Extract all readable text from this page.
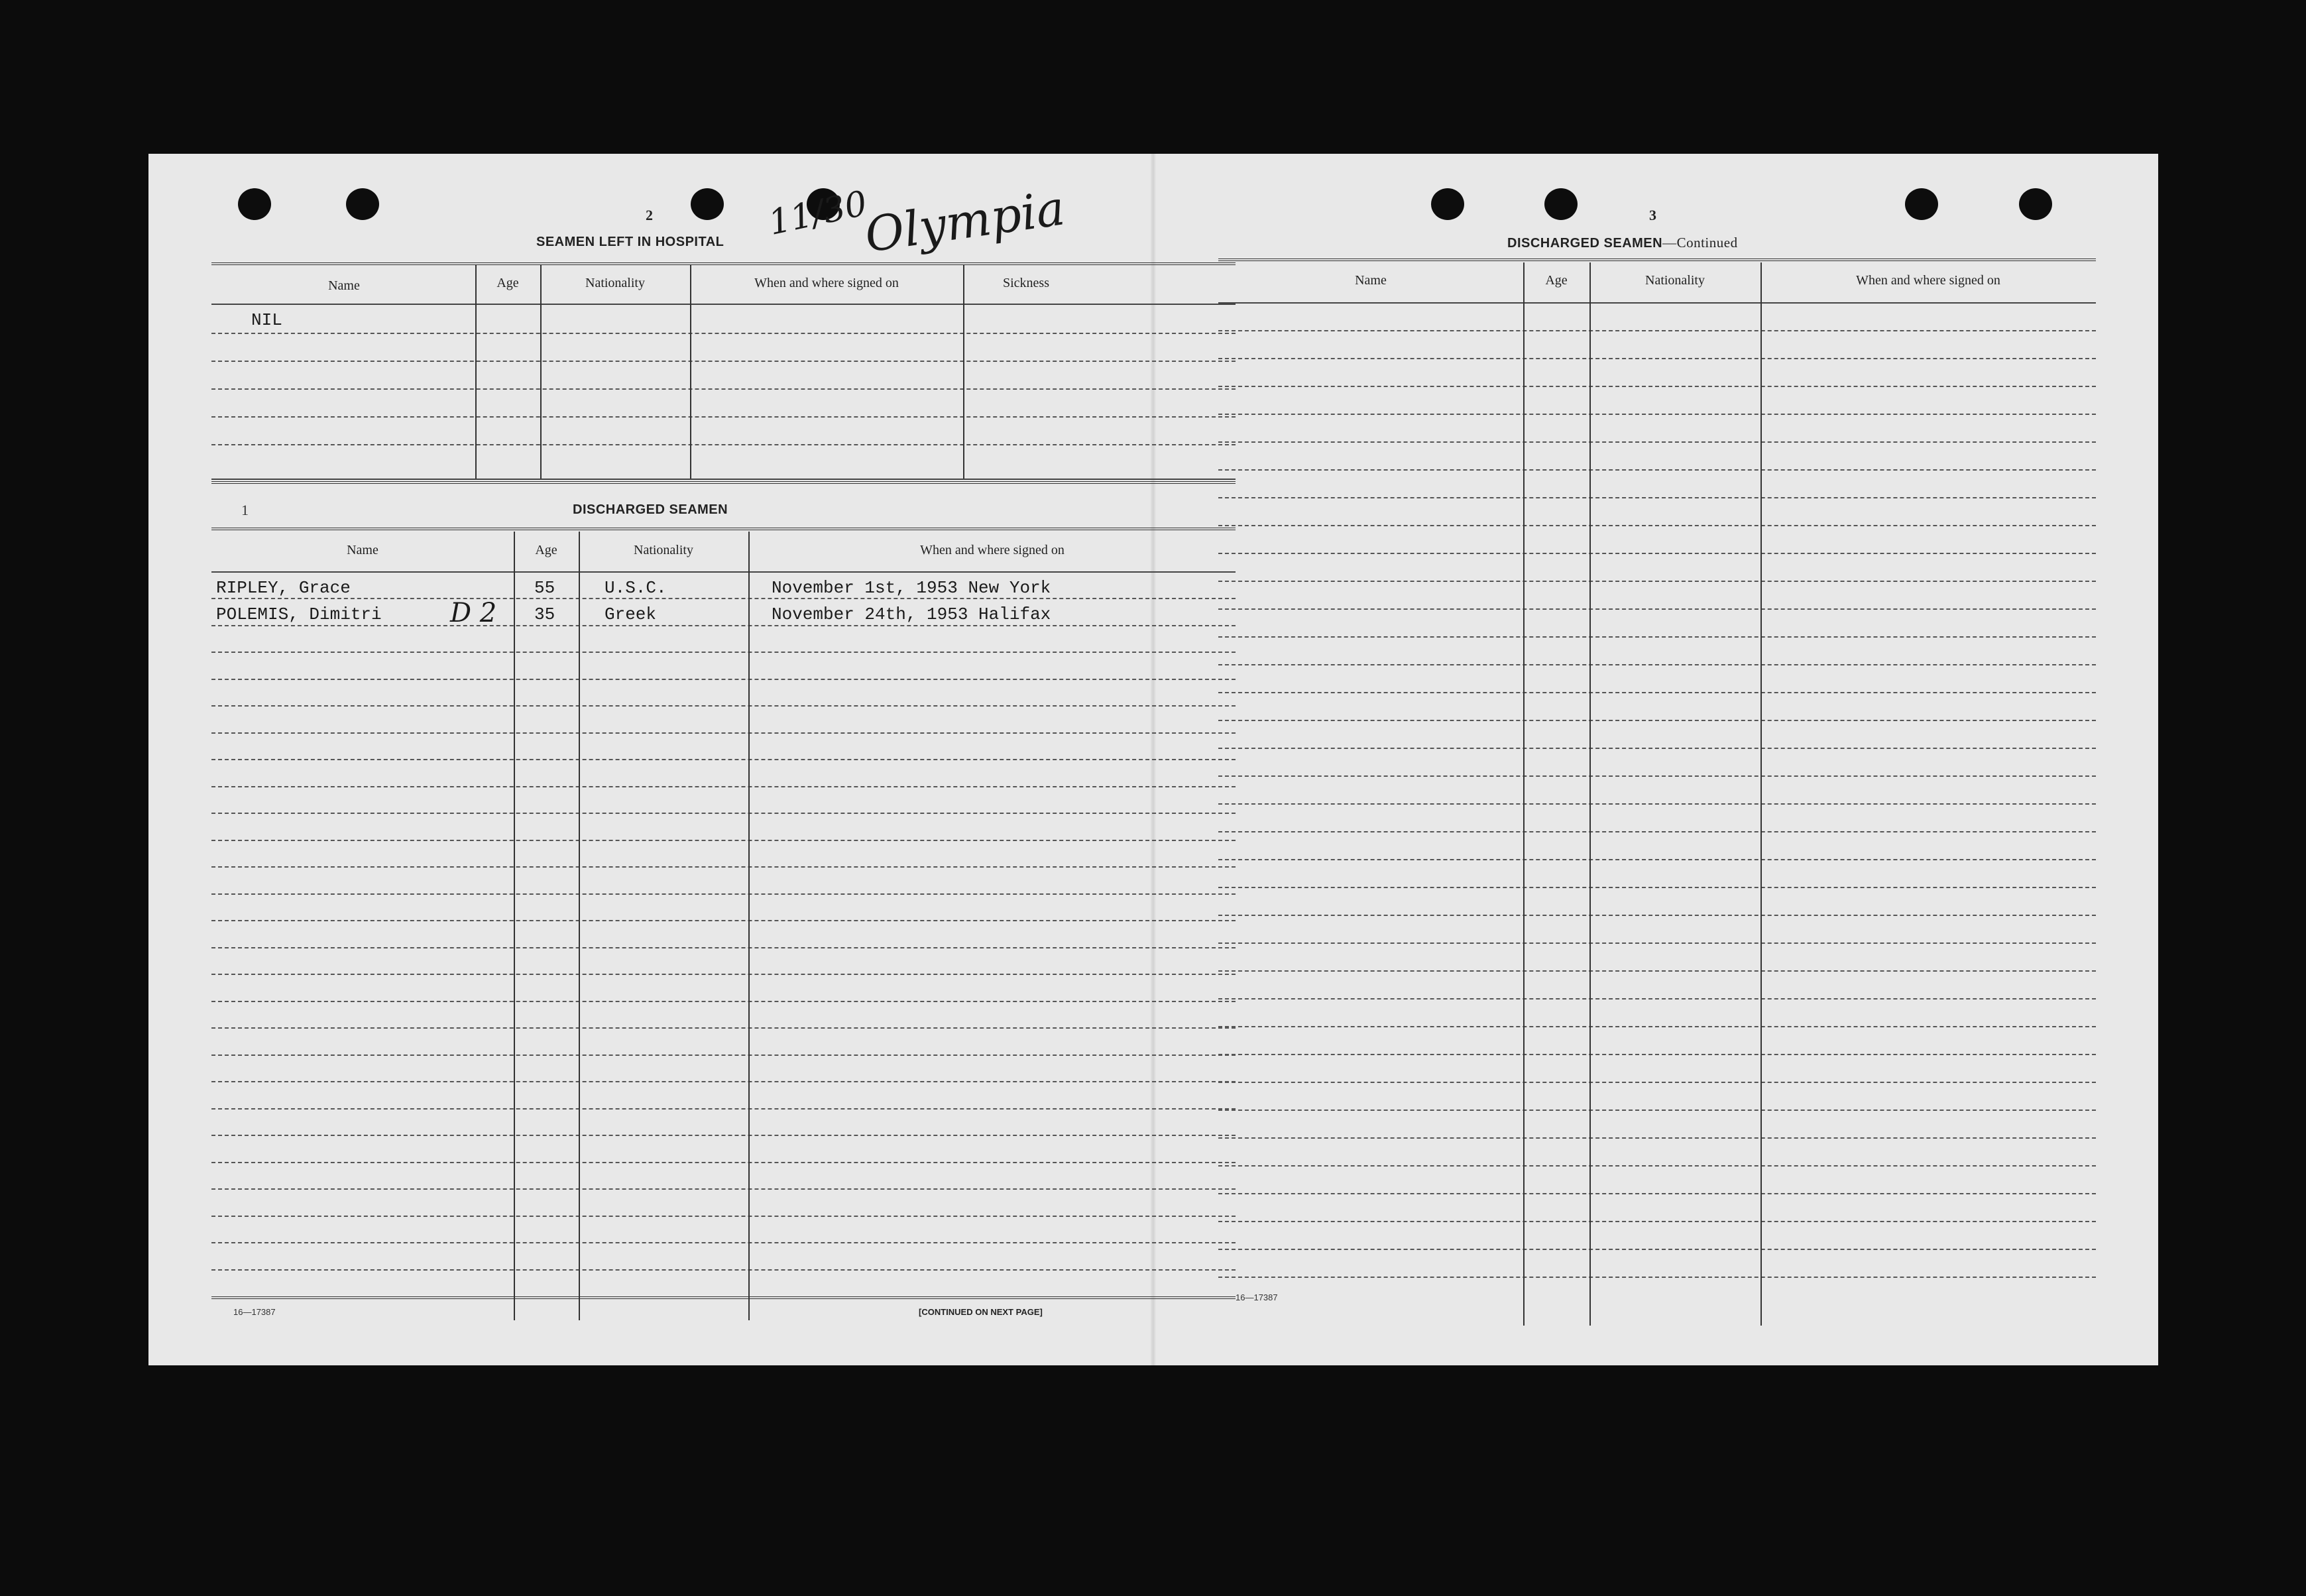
2
SEAMEN LEFT IN HOSPITAL 11/30
Olympia
Name	Age	Nationality	When and where signed on	Sickness
NIL
1	DISCHARGED SEAMEN
Name	Age	Nationality	When and where signed on
RIPLEY, Grace	55	U.S.C.	November 1st, 1953 New York
POLEMIS, Dimitri	D 2 35	Greek	November 24th, 1953 Halifax
16—17387	[CONTINUED ON NEXT PAGE]
3
DISCHARGED SEAMEN—Continued
Name	Age	Nationality	When and where signed on
16—17387
